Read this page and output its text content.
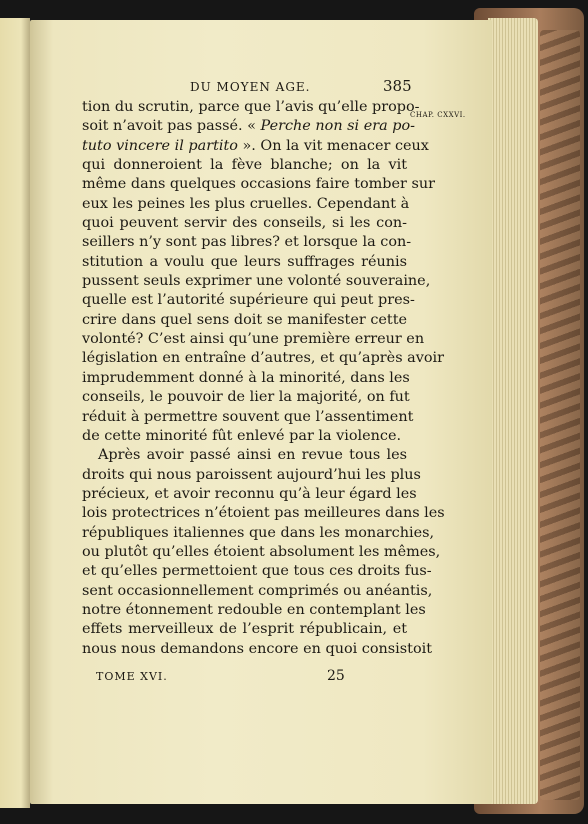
DU MOYEN AGE.	385
CHAP. CXXVI.
tion du scrutin, parce que l’avis qu’elle propo-
soit n’avoit pas passé. « Perche non si era po-
tuto vincere il partito ». On la vit menacer ceux
qui donneroient la fève blanche; on la vit
même dans quelques occasions faire tomber sur
eux les peines les plus cruelles. Cependant à
quoi peuvent servir des conseils, si les con-
seillers n’y sont pas libres? et lorsque la con-
stitution a voulu que leurs suffrages réunis
pussent seuls exprimer une volonté souveraine,
quelle est l’autorité supérieure qui peut pres-
crire dans quel sens doit se manifester cette
volonté? C’est ainsi qu’une première erreur en
législation en entraîne d’autres, et qu’après avoir
imprudemment donné à la minorité, dans les
conseils, le pouvoir de lier la majorité, on fut
réduit à permettre souvent que l’assentiment
de cette minorité fût enlevé par la violence.
Après avoir passé ainsi en revue tous les
droits qui nous paroissent aujourd’hui les plus
précieux, et avoir reconnu qu’à leur égard les
lois protectrices n’étoient pas meilleures dans les
républiques italiennes que dans les monarchies,
ou plutôt qu’elles étoient absolument les mêmes,
et qu’elles permettoient que tous ces droits fus-
sent occasionnellement comprimés ou anéantis,
notre étonnement redouble en contemplant les
effets merveilleux de l’esprit républicain, et
nous nous demandons encore en quoi consistoit
TOME XVI.	25
